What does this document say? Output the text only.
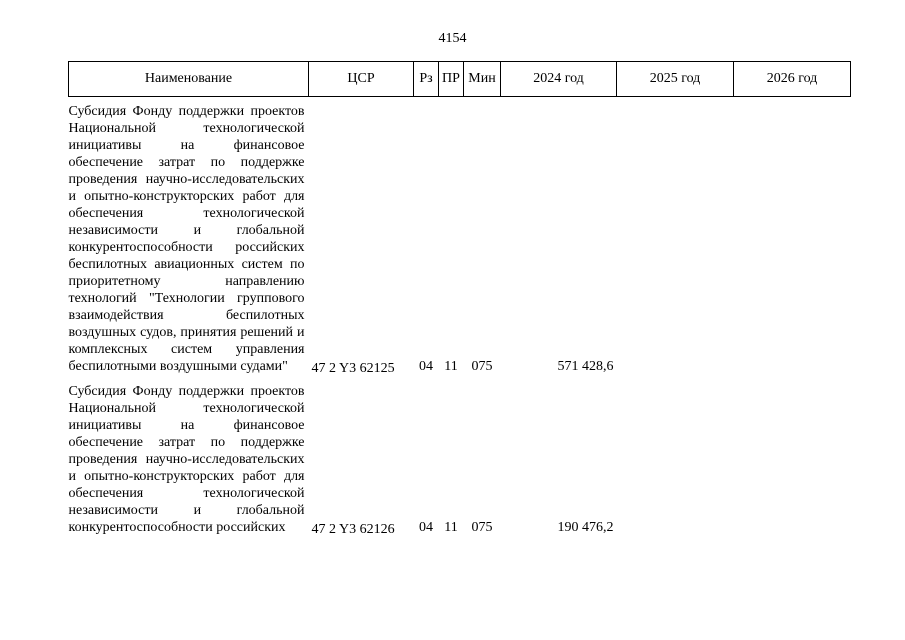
4154
Наименование	ЦСР	Рз	ПР	Мин	2024 год	2025 год	2026 год

Субсидия Фонду поддержки проектов Национальной технологической инициативы на финансовое обеспечение затрат по поддержке проведения научно-исследовательских и опытно-конструкторских работ для обеспечения технологической независимости и глобальной конкурентоспособности российских беспилотных авиационных систем по приоритетному направлению технологий "Технологии группового взаимодействия беспилотных воздушных судов, принятия решений и комплексных систем управления беспилотными воздушными судами"	47 2 Y3 62125	04	11	075	571 428,6		

Субсидия Фонду поддержки проектов Национальной технологической инициативы на финансовое обеспечение затрат по поддержке проведения научно-исследовательских и опытно-конструкторских работ для обеспечения технологической независимости и глобальной конкурентоспособности российских	47 2 Y3 62126	04	11	075	190 476,2		
